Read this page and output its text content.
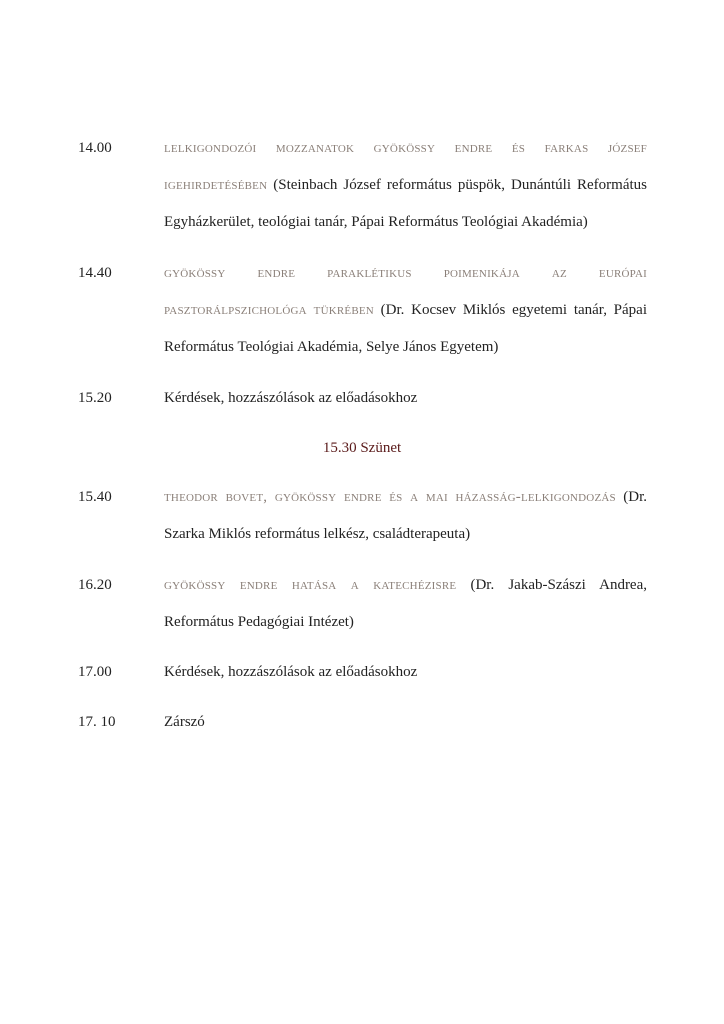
14.00	lelkigondozói mozzanatok gyökössy endre és farkas józsef igehirdetésében (Steinbach József református püspök, Dunántúli Református Egyházkerület, teológiai tanár, Pápai Református Teológiai Akadémia)
14.40	gyökössy endre paraklétikus poimenikája az európai pasztorálpszichológa tükrében (Dr. Kocsev Miklós egyetemi tanár, Pápai Református Teológiai Akadémia, Selye János Egyetem)
15.20	Kérdések, hozzászólások az előadásokhoz
15.30 Szünet
15.40	theodor bovet, gyökössy endre és a mai házasság-lelkigondozás (Dr. Szarka Miklós református lelkész, családterapeuta)
16.20	gyökössy endre hatása a katechézisre (Dr. Jakab-Szászi Andrea, Református Pedagógiai Intézet)
17.00	Kérdések, hozzászólások az előadásokhoz
17. 10	Zárszó
